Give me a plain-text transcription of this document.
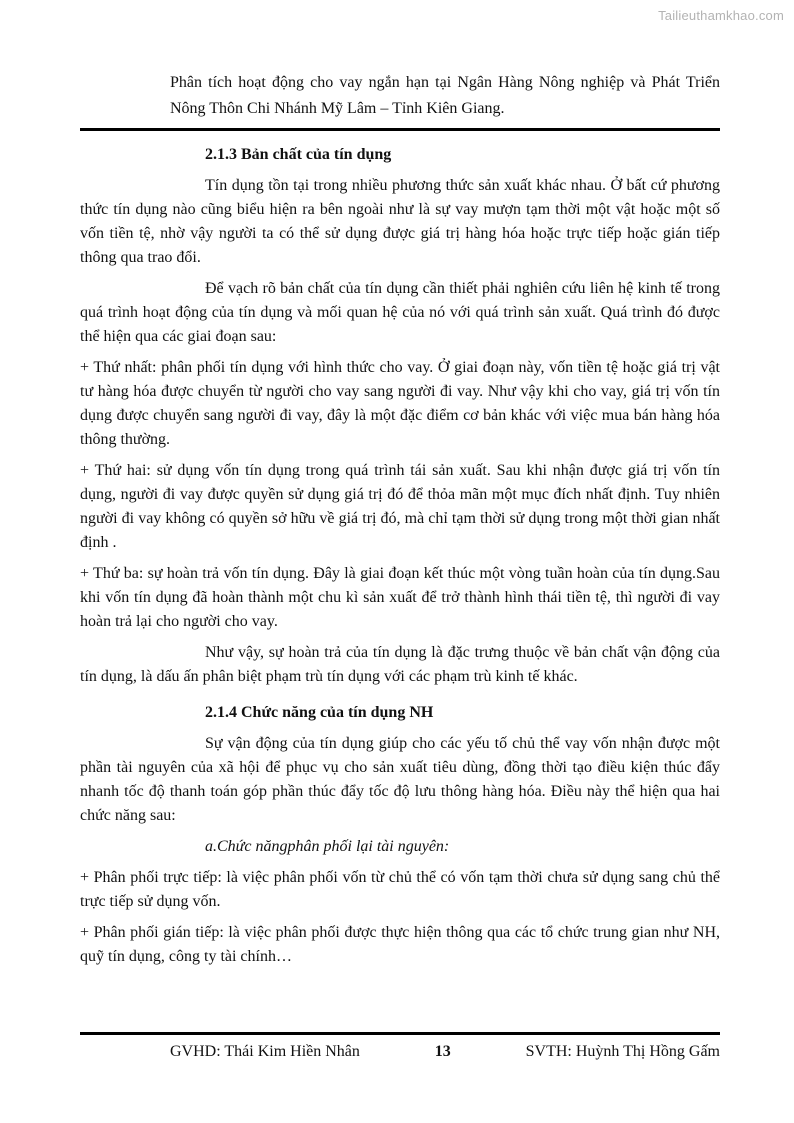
Tailieuthamkhao.com

Phân tích hoạt động cho vay ngắn hạn tại Ngân Hàng Nông nghiệp và Phát Triển Nông Thôn Chi Nhánh Mỹ Lâm – Tỉnh Kiên Giang.

2.1.3 Bản chất của tín dụng

Tín dụng tồn tại trong nhiều phương thức sản xuất khác nhau. Ở bất cứ phương thức tín dụng nào cũng biểu hiện ra bên ngoài như là sự vay mượn tạm thời một vật hoặc một số vốn tiền tệ, nhờ vậy người ta có thể sử dụng được giá trị hàng hóa hoặc trực tiếp hoặc gián tiếp thông qua trao đổi.

Để vạch rõ bản chất của tín dụng cần thiết phải nghiên cứu liên hệ kinh tế trong quá trình hoạt động của tín dụng và mối quan hệ của nó với quá trình sản xuất. Quá trình đó được thể hiện qua các giai đoạn sau:

+ Thứ nhất: phân phối tín dụng với hình thức cho vay. Ở giai đoạn này, vốn tiền tệ hoặc giá trị vật tư hàng hóa được chuyển từ người cho vay sang người đi vay. Như vậy khi cho vay, giá trị vốn tín dụng được chuyển sang người đi vay, đây là một đặc điểm cơ bản khác với việc mua bán hàng hóa thông thường.

+ Thứ hai: sử dụng vốn tín dụng trong quá trình tái sản xuất. Sau khi nhận được giá trị vốn tín dụng, người đi vay được quyền sử dụng giá trị đó để thỏa mãn một mục đích nhất định. Tuy nhiên người đi vay không có quyền sở hữu về giá trị đó, mà chỉ tạm thời sử dụng trong một thời gian nhất định .

+ Thứ ba: sự hoàn trả vốn tín dụng. Đây là giai đoạn kết thúc một vòng tuần hoàn của tín dụng.Sau khi vốn tín dụng đã hoàn thành một chu kì sản xuất để trở thành hình thái tiền tệ, thì người đi vay hoàn trả lại cho người cho vay.

Như vậy, sự hoàn trả của tín dụng là đặc trưng thuộc về bản chất vận động của tín dụng, là dấu ấn phân biệt phạm trù tín dụng với các phạm trù kinh tế khác.

2.1.4 Chức năng của tín dụng NH

Sự vận động của tín dụng giúp cho các yếu tố chủ thể vay vốn nhận được một phần tài nguyên của xã hội để phục vụ cho sản xuất tiêu dùng, đồng thời tạo điều kiện thúc đẩy nhanh tốc độ thanh toán góp phần thúc đẩy tốc độ lưu thông hàng hóa. Điều này thể hiện qua hai chức năng sau:

a.Chức năngphân phối lại tài nguyên:

+ Phân phối trực tiếp: là việc phân phối vốn từ chủ thể có vốn tạm thời chưa sử dụng sang chủ thể trực tiếp sử dụng vốn.

+ Phân phối gián tiếp: là việc phân phối được thực hiện thông qua các tổ chức trung gian như NH, quỹ tín dụng, công ty tài chính…

GVHD: Thái Kim Hiền Nhân	13	SVTH: Huỳnh Thị Hồng Gấm
